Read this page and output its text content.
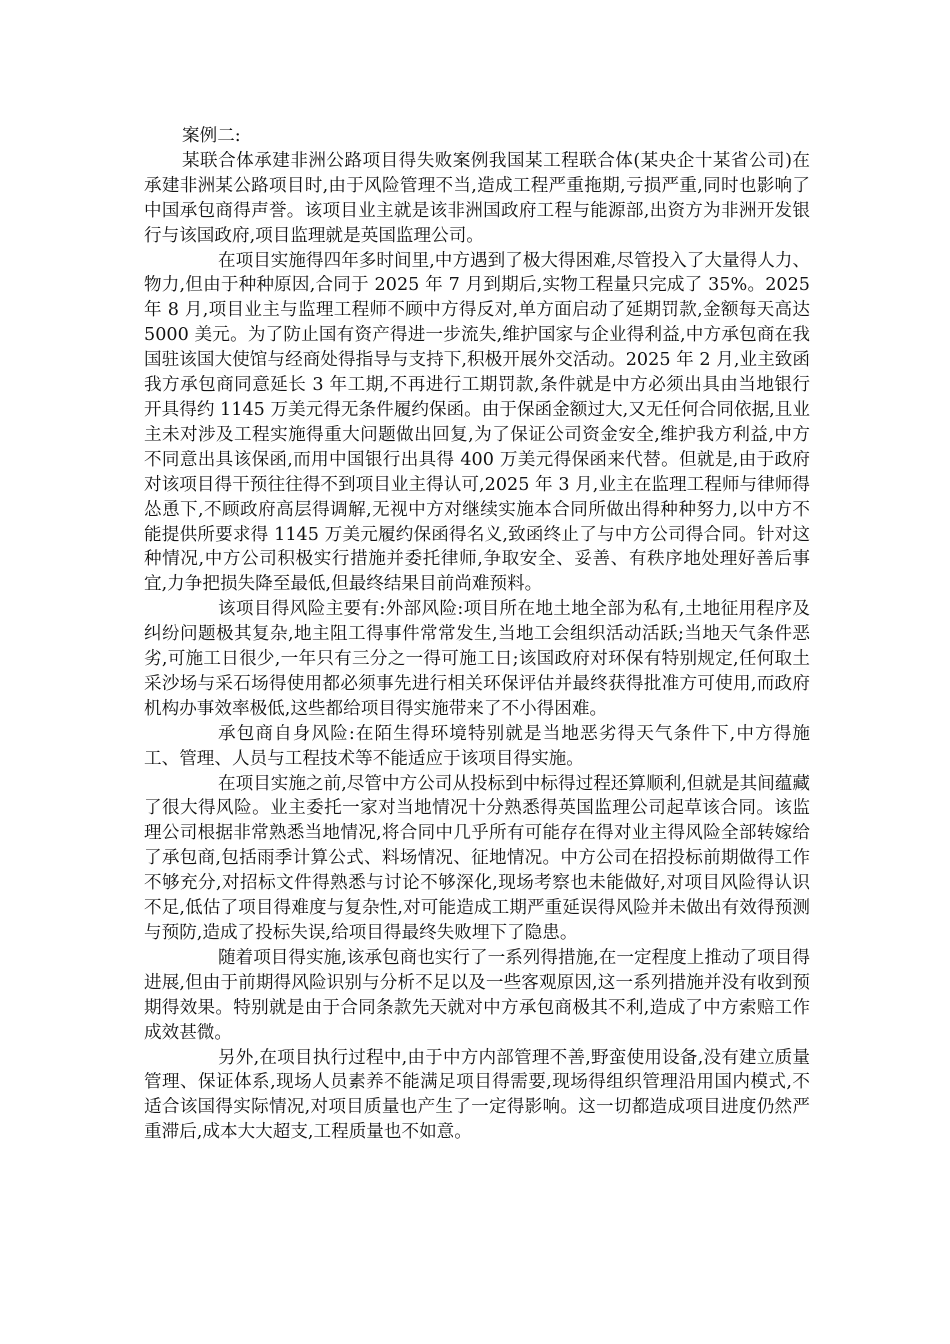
案例二:

某联合体承建非洲公路项目得失败案例我国某工程联合体(某央企十某省公司)在承建非洲某公路项目时,由于风险管理不当,造成工程严重拖期,亏损严重,同时也影响了中国承包商得声誉。该项目业主就是该非洲国政府工程与能源部,出资方为非洲开发银行与该国政府,项目监理就是英国监理公司。

在项目实施得四年多时间里,中方遇到了极大得困难,尽管投入了大量得人力、物力,但由于种种原因,合同于 2025 年 7 月到期后,实物工程量只完成了 35%。2025 年 8 月,项目业主与监理工程师不顾中方得反对,单方面启动了延期罚款,金额每天高达 5000 美元。为了防止国有资产得进一步流失,维护国家与企业得利益,中方承包商在我国驻该国大使馆与经商处得指导与支持下,积极开展外交活动。2025 年 2 月,业主致函我方承包商同意延长 3 年工期,不再进行工期罚款,条件就是中方必须出具由当地银行开具得约 1145 万美元得无条件履约保函。由于保函金额过大,又无任何合同依据,且业主未对涉及工程实施得重大问题做出回复,为了保证公司资金安全,维护我方利益,中方不同意出具该保函,而用中国银行出具得 400 万美元得保函来代替。但就是,由于政府对该项目得干预往往得不到项目业主得认可,2025 年 3 月,业主在监理工程师与律师得怂恿下,不顾政府高层得调解,无视中方对继续实施本合同所做出得种种努力,以中方不能提供所要求得 1145 万美元履约保函得名义,致函终止了与中方公司得合同。针对这种情况,中方公司积极实行措施并委托律师,争取安全、妥善、有秩序地处理好善后事宜,力争把损失降至最低,但最终结果目前尚难预料。

该项目得风险主要有:外部风险:项目所在地土地全部为私有,土地征用程序及纠纷问题极其复杂,地主阻工得事件常常发生,当地工会组织活动活跃;当地天气条件恶劣,可施工日很少,一年只有三分之一得可施工日;该国政府对环保有特别规定,任何取土采沙场与采石场得使用都必须事先进行相关环保评估并最终获得批准方可使用,而政府机构办事效率极低,这些都给项目得实施带来了不小得困难。

承包商自身风险:在陌生得环境特别就是当地恶劣得天气条件下,中方得施工、管理、人员与工程技术等不能适应于该项目得实施。

在项目实施之前,尽管中方公司从投标到中标得过程还算顺利,但就是其间蕴藏了很大得风险。业主委托一家对当地情况十分熟悉得英国监理公司起草该合同。该监理公司根据非常熟悉当地情况,将合同中几乎所有可能存在得对业主得风险全部转嫁给了承包商,包括雨季计算公式、料场情况、征地情况。中方公司在招投标前期做得工作不够充分,对招标文件得熟悉与讨论不够深化,现场考察也未能做好,对项目风险得认识不足,低估了项目得难度与复杂性,对可能造成工期严重延误得风险并未做出有效得预测与预防,造成了投标失误,给项目得最终失败埋下了隐患。

随着项目得实施,该承包商也实行了一系列得措施,在一定程度上推动了项目得进展,但由于前期得风险识别与分析不足以及一些客观原因,这一系列措施并没有收到预期得效果。特别就是由于合同条款先天就对中方承包商极其不利,造成了中方索赔工作成效甚微。

另外,在项目执行过程中,由于中方内部管理不善,野蛮使用设备,没有建立质量管理、保证体系,现场人员素养不能满足项目得需要,现场得组织管理沿用国内模式,不适合该国得实际情况,对项目质量也产生了一定得影响。这一切都造成项目进度仍然严重滞后,成本大大超支,工程质量也不如意。
